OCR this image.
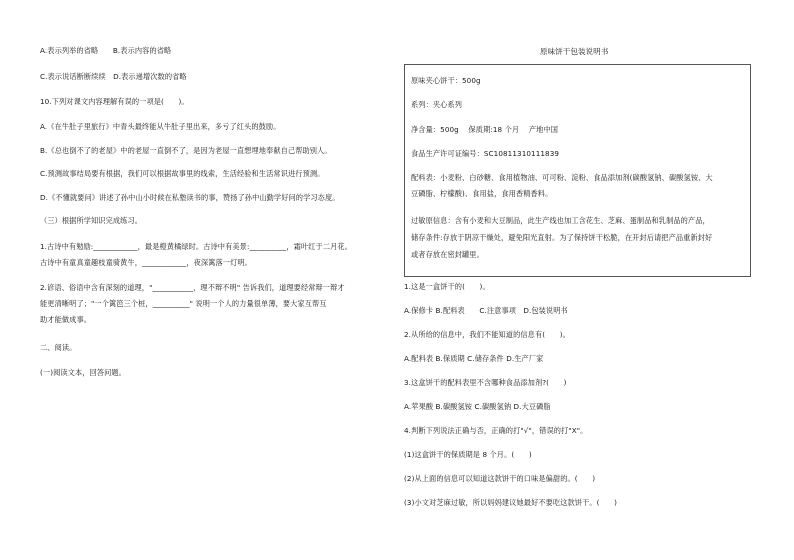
A.表示列举的省略　　B.表示内容的省略
C.表示说话断断续续　D.表示递增次数的省略
10.下列对课文内容理解有误的一项是(　　)。
A.《在牛肚子里旅行》中青头最终能从牛肚子里出来，多亏了红头的鼓励。
B.《总也倒不了的老屋》中的老屋一直倒不了，是因为老屋一直想埋地奉献自己帮助别人。
C.预测故事结局要有根据，我们可以根据故事里的线索，生活经验和生活常识进行预测。
D.《不懂就要问》讲述了孙中山小时候在私塾读书的事，赞扬了孙中山勤学好问的学习态度。
（三）根据所学知识完成练习。
1.古诗中有勉励:____________，最是橙黄橘绿时。古诗中有美景:__________，霜叶红于二月花。
古诗中有童真童趣枝童骑黄牛，____________，夜深篱落一灯明。
2.谚语、俗语中含有深刻的道理，"___________，理不辩不明" 告诉我们，道理要经常辩一辩才
能更清晰明了；"一个篱笆三个桩，__________" 说明一个人的力量很单薄，要大家互帮互
助才能做成事。
二、阅读。
(一)阅读文本，回答问题。
原味饼干包装说明书
原味夹心饼干：500g
系列：夹心系列
净含量：500g　 保质期:18 个月　 产地中国
食品生产许可证编号：SC10811310111839
配料表：小麦粉、白砂糖、食用植物油、可可粉、淀粉、食品添加剂(碳酸氢钠、碳酸氢铵、大
豆磷脂、柠檬酸)、食用盐，食用香精香料。
过敏原信息：含有小麦和大豆制品，此生产线也加工含花生、芝麻、蛋制品和乳制品的产品，
储存条件:存放于阴凉干燥处，避免阳光直射。为了保持饼干松脆，在开封后请把产品重新封好
或者存放在密封罐里。
1.这是一盒饼干的(　　)。
A.保修卡 B.配料表　　C.注意事项　D.包装说明书
2.从所给的信息中，我们不能知道的信息有(　　)。
A.配料表 B.保质期 C.储存条件 D.生产厂家
3.这盒饼干的配料表里不含哪种食品添加剂?(　　)
A.苹果酸 B.碳酸氢铵 C.碳酸氢钠 D.大豆磷脂
4.判断下列说法正确与否，正确的打"√"，错误的打"X"。
(1)这盒饼干的保质期是 8 个月。(　　)
(2)从上面的信息可以知道这款饼干的口味是偏甜的。(　　)
(3)小文对芝麻过敏，所以妈妈建议她最好不要吃这款饼干。(　　)
